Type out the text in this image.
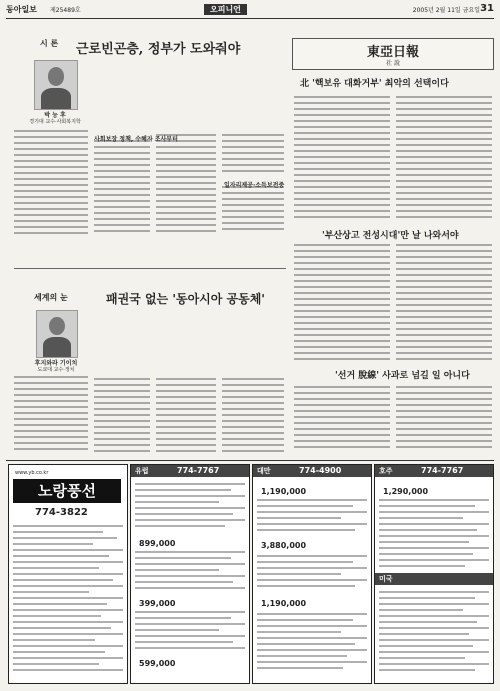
동아일보 제25489호	오피니언	2005년 2월 11일 금요일 31
시 론 근로빈곤층, 정부가 도와줘야
박 능 후
경기대 교수·사회복지학
사회보장 정책, 수혜자 조사부터
일자리제공·소득보전중
東亞日報
社 說
北 '핵보유 대화거부' 최악의 선택이다
'부산상고 전성시대'만 날 나와서야
'선거 脫線' 사과로 넘길 일 아니다
세계의 눈	패권국 없는 '동아시아 공동체'
후지와라 기이치
도쿄대 교수·정치
www.yb.co.kr
노랑풍선
774-3822
유럽	774-7767
899,000
399,000
599,000
대만	774-4900
1,190,000
3,880,000
1,190,000
호주	774-7767
미국
1,290,000
